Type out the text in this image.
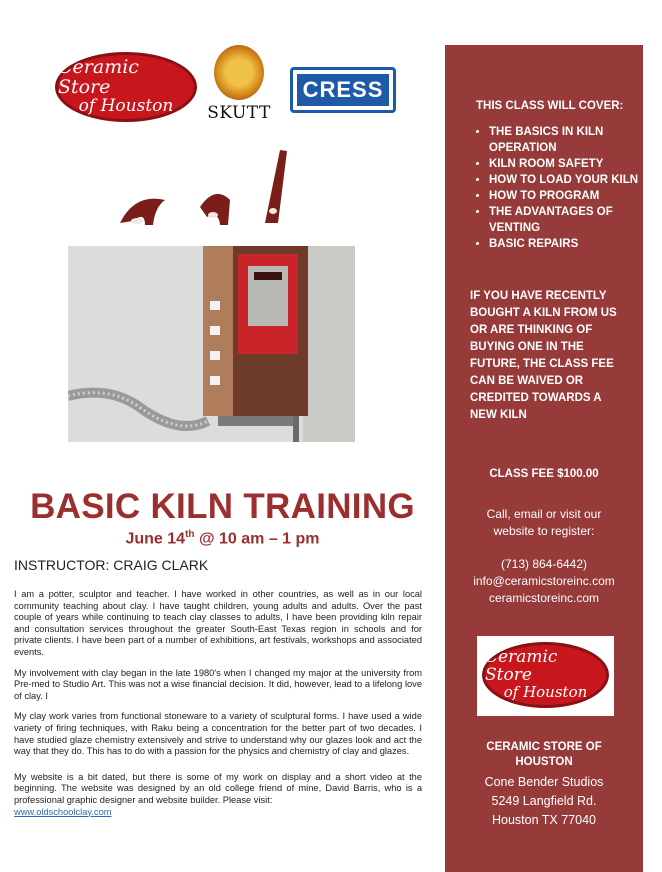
Ceramic Store
of Houston SKUTT
CRESS
BASIC KILN TRAINING
June 14th @ 10 am – 1 pm
INSTRUCTOR: CRAIG CLARK

I am a potter, sculptor and teacher. I have worked in other countries, as well as in our local community teaching about clay. I have taught children, young adults and adults. Over the past couple of years while continuing to teach clay classes to adults, I have been providing kiln repair and consultation services throughout the greater South-East Texas region in schools and for private clients. I have been part of a number of exhibitions, art festivals, workshops and associated events.

My involvement with clay began in the late 1980's when I changed my major at the university from Pre-med to Studio Art. This was not a wise financial decision. It did, however, lead to a lifelong love of clay. I

My clay work varies from functional stoneware to a variety of sculptural forms. I have used a wide variety of firing techniques, with Raku being a concentration for the better part of two decades. I have studied glaze chemistry extensively and strive to understand why our glazes look and act the way that they do. This has to do with a passion for the physics and chemistry of clay and glazes.

My website is a bit dated, but there is some of my work on display and a short video at the beginning. The website was designed by an old college friend of mine, David Barris, who is a professional graphic designer and website builder. Please visit:
www.oldschoolclay.com

THIS CLASS WILL COVER:
• THE BASICS IN KILN OPERATION
• KILN ROOM SAFETY
• HOW TO LOAD YOUR KILN
• HOW TO PROGRAM
• THE ADVANTAGES OF VENTING
• BASIC REPAIRS
IF YOU HAVE RECENTLY BOUGHT A KILN FROM US OR ARE THINKING OF BUYING ONE IN THE FUTURE, THE CLASS FEE CAN BE WAIVED OR CREDITED TOWARDS A NEW KILN
CLASS FEE $100.00
Call, email or visit our
website to register:
(713) 864-6442)
info@ceramicstoreinc.com
ceramicstoreinc.com
Ceramic Store
of Houston
CERAMIC STORE OF
HOUSTON
Cone Bender Studios
5249 Langfield Rd.
Houston TX 77040
